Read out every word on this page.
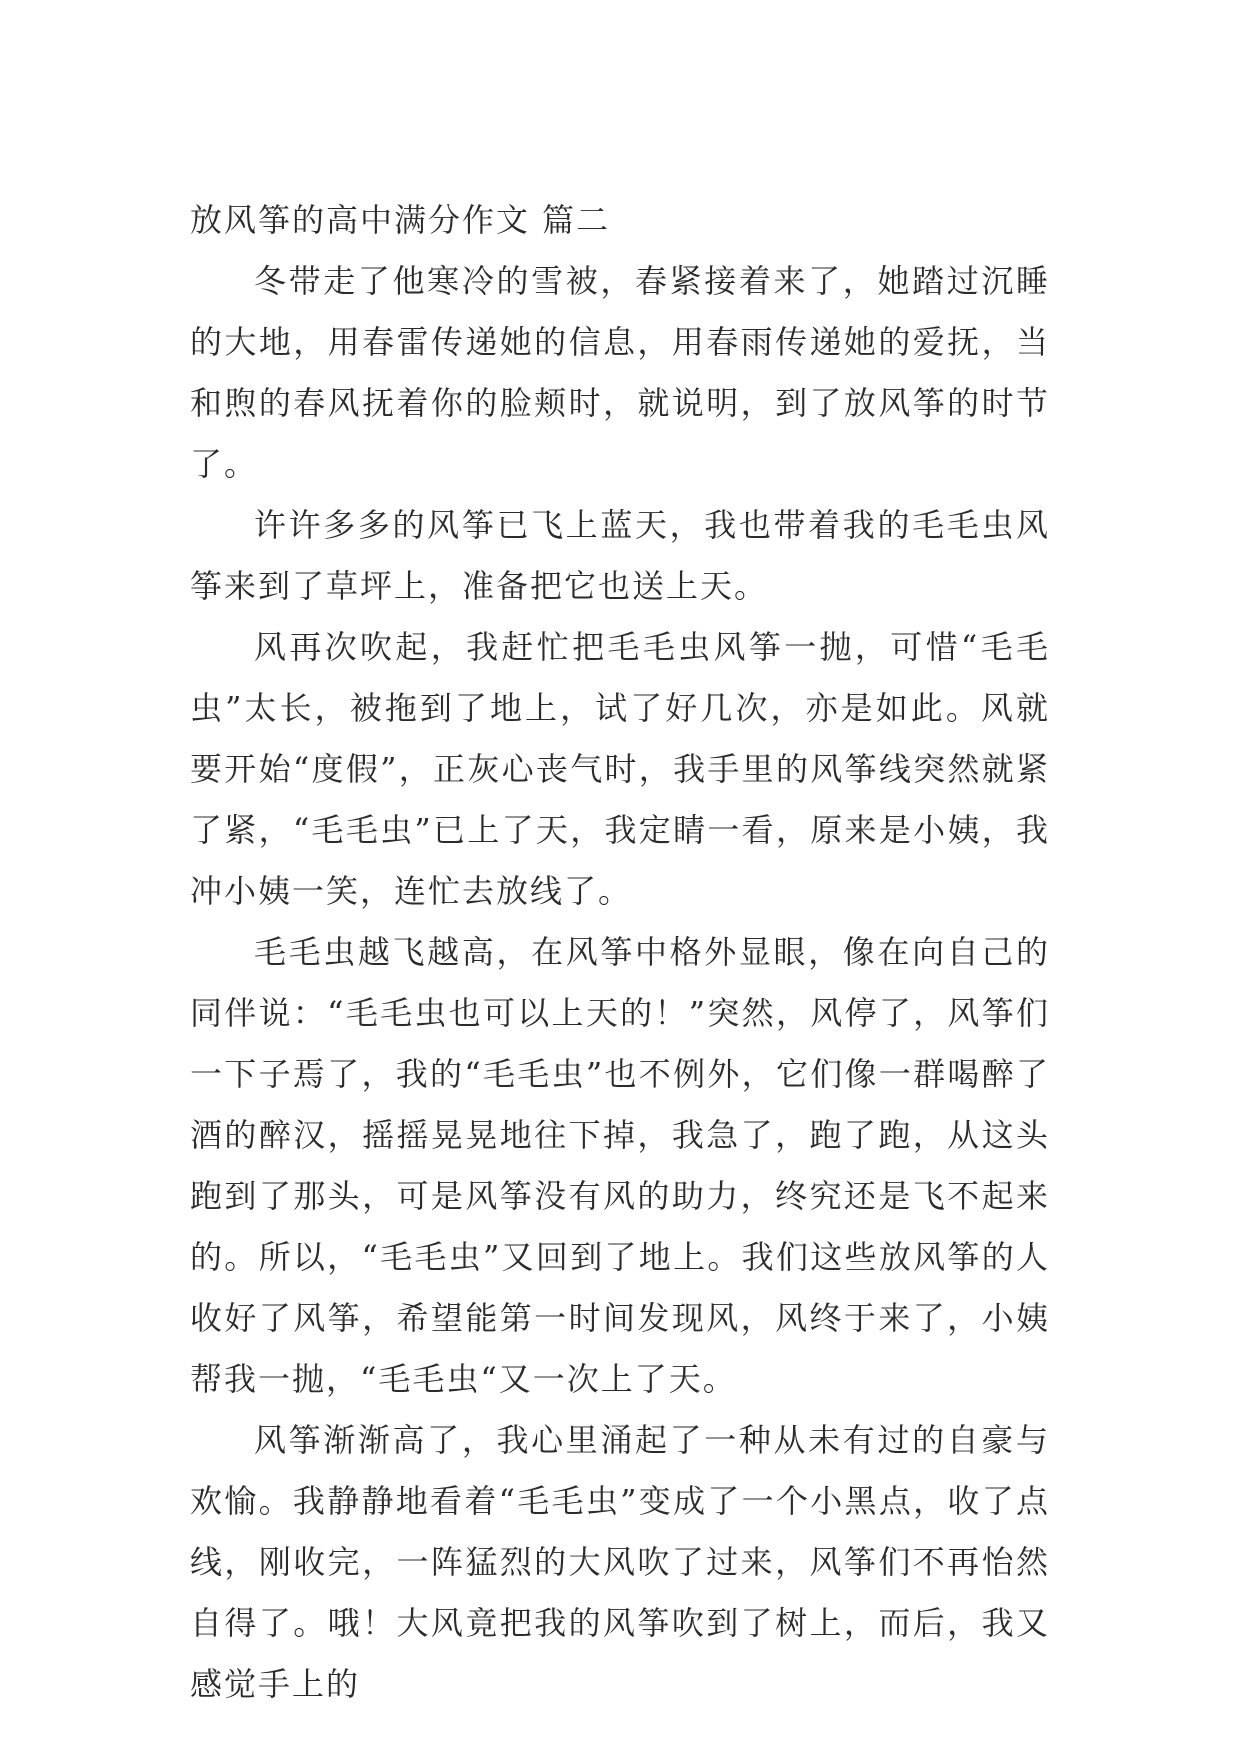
放风筝的高中满分作文 篇二

冬带走了他寒冷的雪被，春紧接着来了，她踏过沉睡的大地，用春雷传递她的信息，用春雨传递她的爱抚，当和煦的春风抚着你的脸颊时，就说明，到了放风筝的时节了。

许许多多的风筝已飞上蓝天，我也带着我的毛毛虫风筝来到了草坪上，准备把它也送上天。

风再次吹起，我赶忙把毛毛虫风筝一抛，可惜“毛毛虫”太长，被拖到了地上，试了好几次，亦是如此。风就要开始“度假”，正灰心丧气时，我手里的风筝线突然就紧了紧，“毛毛虫”已上了天，我定睛一看，原来是小姨，我冲小姨一笑，连忙去放线了。

毛毛虫越飞越高，在风筝中格外显眼，像在向自己的同伴说：“毛毛虫也可以上天的！”突然，风停了，风筝们一下子焉了，我的“毛毛虫”也不例外，它们像一群喝醉了酒的醉汉，摇摇晃晃地往下掉，我急了，跑了跑，从这头跑到了那头，可是风筝没有风的助力，终究还是飞不起来的。所以，“毛毛虫”又回到了地上。我们这些放风筝的人收好了风筝，希望能第一时间发现风，风终于来了，小姨帮我一抛，“毛毛虫“又一次上了天。

风筝渐渐高了，我心里涌起了一种从未有过的自豪与欢愉。我静静地看着“毛毛虫”变成了一个小黑点，收了点线，刚收完，一阵猛烈的大风吹了过来，风筝们不再怡然自得了。哦！大风竟把我的风筝吹到了树上，而后，我又感觉手上的
